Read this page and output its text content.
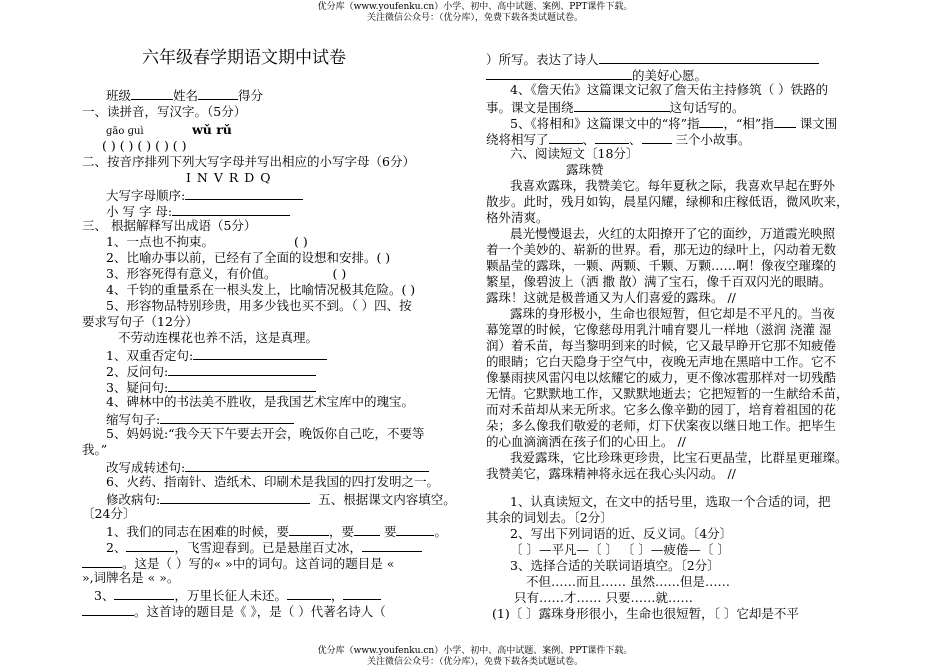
优分库（www.youfenku.cn）小学、初中、高中试题、案例、PPT课件下载。
关注微信公众号：（优分库），免费下载各类试题试卷。
六年级春学期语文期中试卷
班级	姓名	得分
一、读拼音，写汉字。（5分）
ɡāo ɡuì	wǔ rǔ
( ) ( ) ( ) ( ) ( )
二、按音序排列下列大写字母并写出相应的小写字母（6分）
I N V R D Q
大写字母顺序:
小 写 字 母:
三、 根据解释写出成语（5分）
1、一点也不拘束。	( )
2、比喻办事以前，已经有了全面的设想和安排。( )
3、形容死得有意义，有价值。	( )
4、千钧的重量系在一根头发上，比喻情况极其危险。( )
5、形容物品特别珍贵，用多少钱也买不到。（ ）四、按
要求写句子（12分）
不劳动连棵花也养不活，这是真理。
1、双重否定句:
2、反问句:
3、疑问句:
4、碑林中的书法美不胜收，是我国艺术宝库中的瑰宝。
缩写句子:
5、妈妈说:“我今天下午要去开会，晚饭你自己吃，不要等
我。”
改写成转述句:
6、火药、指南针、造纸术、印刷术是我国的四打发明之一。
修改病句:	五、根据课文内容填空。
〔24分〕
1、我们的同志在困难的时候，要	，要 要	。
2、	，飞雪迎春到。已是悬崖百丈冰，
。这是（ ）写的« »中的词句。这首词的题目是 «
»,词牌名是 « »。
3、	，万里长征人未还。	，
。这首诗的题目是《 》，是（ ）代著名诗人（
）所写。表达了诗人
的美好心愿。
4、《詹天佑》这篇课文记叙了詹天佑主持修筑（ ）铁路的
事。课文是围绕	这句话写的。
5、《将相和》这篇课文中的“将”指 ，“相”指 课文围
绕将相写了	、	、	三个小故事。
六、阅读短文〔18分〕
露珠赞
我喜欢露珠，我赞美它。每年夏秋之际，我喜欢早起在野外
散步。此时，残月如钩，晨星闪耀，绿柳和庄稼低语，微风吹来，
格外清爽。
晨光慢慢退去，火红的太阳撩开了它的面纱，万道霞光映照
着一个美妙的、崭新的世界。看，那无边的绿叶上，闪动着无数
颗晶莹的露珠，一颗、两颗、千颗、万颗……啊！像夜空璀璨的
繁星，像碧波上（洒 撒 散）满了宝石，像千百双闪光的眼睛。
露珠！这就是极普通又为人们喜爱的露珠。 //
露珠的身形极小，生命也很短暂，但它却是不平凡的。当夜
幕笼罩的时候，它像慈母用乳汁哺育婴儿一样地（滋润 浇灌 湿
润）着禾苗，每当黎明到来的时候，它又最早睁开它那不知疲倦
的眼睛；它白天隐身于空气中，夜晚无声地在黑暗中工作。它不
像暴雨挟风雷闪电以炫耀它的威力，更不像冰雹那样对一切残酷
无情。它默默地工作，又默默地逝去；它把短暂的一生献给禾苗，
而对禾苗却从来无所求。它多么像辛勤的园丁，培育着祖国的花
朵；多么像我们敬爱的老师，灯下伏案夜以继日地工作。把毕生
的心血滴滴洒在孩子们的心田上。 //
我爱露珠，它比珍珠更珍贵，比宝石更晶莹，比群星更璀璨。
我赞美它，露珠精神将永远在我心头闪动。 //
1、认真读短文，在文中的括号里，选取一个合适的词，把
其余的词划去。〔2分〕
2、写出下列词语的近、反义词。〔4分〕
〔 〕—平凡—〔 〕 〔 〕—疲倦—〔 〕
3、选择合适的关联词语填空。〔2分〕
不但……而且…… 虽然……但是……
只有……才…… 只要……就……
(1)〔 〕露珠身形很小，生命也很短暂，〔 〕它却是不平
优分库（www.youfenku.cn）小学、初中、高中试题、案例、PPT课件下载。
关注微信公众号：（优分库），免费下载各类试题试卷。
